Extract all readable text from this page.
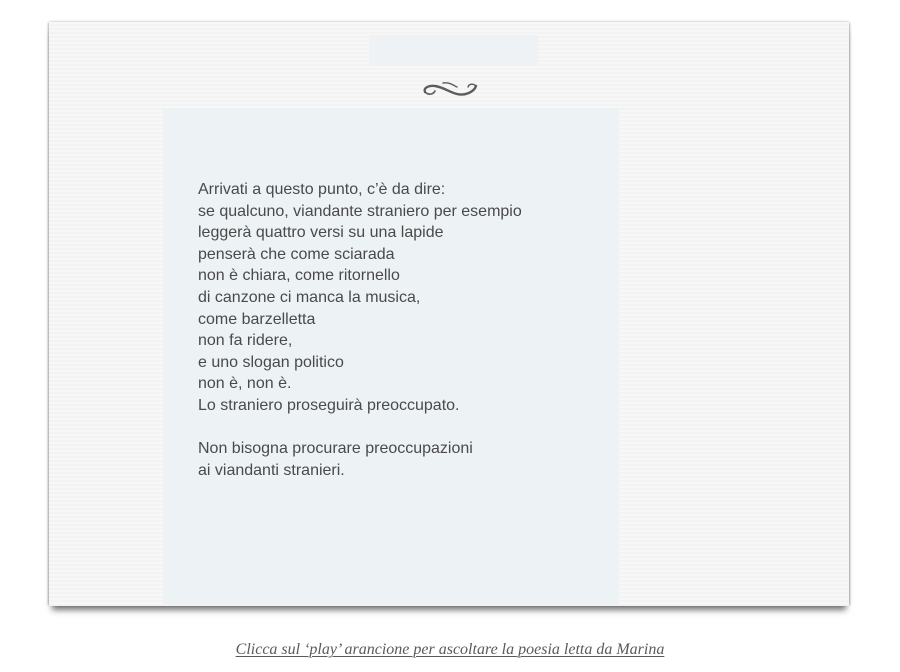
Arrivati a questo punto, c’è da dire:
se qualcuno, viandante straniero per esempio
leggerà quattro versi su una lapide
penserà che come sciarada
non è chiara, come ritornello
di canzone ci manca la musica,
come barzelletta
non fa ridere,
e uno slogan politico
non è, non è.
Lo straniero proseguirà preoccupato.
Non bisogna procurare preoccupazioni
ai viandanti stranieri.
Clicca sul ‘play’ arancione per ascoltare la poesia letta da Marina
